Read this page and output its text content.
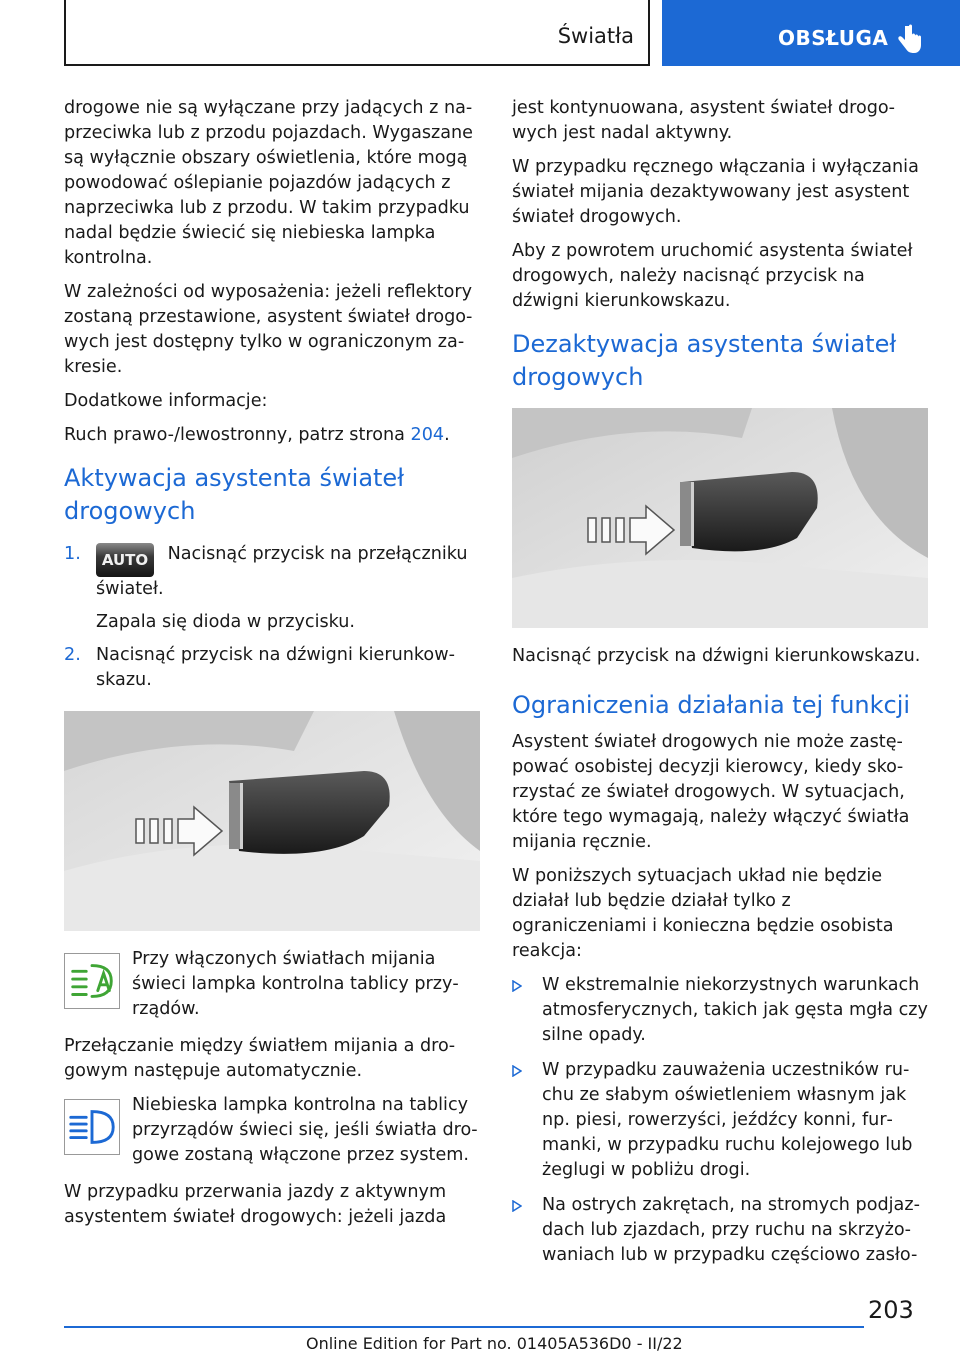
Światła	OBSŁUGA

drogowe nie są wyłączane przy jadących z naprzeciwka lub z przodu pojazdach. Wygaszane są wyłącznie obszary oświetlenia, które mogą powodować oślepianie pojazdów jadących z naprzeciwka lub z przodu. W takim przypadku nadal będzie świecić się niebieska lampka kontrolna.

W zależności od wyposażenia: jeżeli reflektory zostaną przestawione, asystent świateł drogowych jest dostępny tylko w ograniczonym zakresie.

Dodatkowe informacje:

Ruch prawo-/lewostronny, patrz strona 204.

Aktywacja asystenta świateł drogowych
1. AUTO Nacisnąć przycisk na przełączniku świateł.
Zapala się dioda w przycisku.
2. Nacisnąć przycisk na dźwigni kierunkowskazu.

Przy włączonych światłach mijania świeci lampka kontrolna tablicy przyrządów.

Przełączanie między światłem mijania a drogowym następuje automatycznie.

Niebieska lampka kontrolna na tablicy przyrządów świeci się, jeśli światła drogowe zostaną włączone przez system.

W przypadku przerwania jazdy z aktywnym asystentem świateł drogowych: jeżeli jazda

jest kontynuowana, asystent świateł drogowych jest nadal aktywny.

W przypadku ręcznego włączania i wyłączania świateł mijania dezaktywowany jest asystent świateł drogowych.

Aby z powrotem uruchomić asystenta świateł drogowych, należy nacisnąć przycisk na dźwigni kierunkowskazu.

Dezaktywacja asystenta świateł drogowych

Nacisnąć przycisk na dźwigni kierunkowskazu.

Ograniczenia działania tej funkcji

Asystent świateł drogowych nie może zastępować osobistej decyzji kierowcy, kiedy skorzystać ze świateł drogowych. W sytuacjach, które tego wymagają, należy włączyć światła mijania ręcznie.

W poniższych sytuacjach układ nie będzie działał lub będzie działał tylko z ograniczeniami i konieczna będzie osobista reakcja:

W ekstremalnie niekorzystnych warunkach atmosferycznych, takich jak gęsta mgła czy silne opady.
W przypadku zauważenia uczestników ruchu ze słabym oświetleniem własnym jak np. piesi, rowerzyści, jeźdźcy konni, furmanki, w przypadku ruchu kolejowego lub żeglugi w pobliżu drogi.
Na ostrych zakrętach, na stromych podjazdach lub zjazdach, przy ruchu na skrzyżowaniach lub w przypadku częściowo zasło-
203
Online Edition for Part no. 01405A536D0 - II/22
